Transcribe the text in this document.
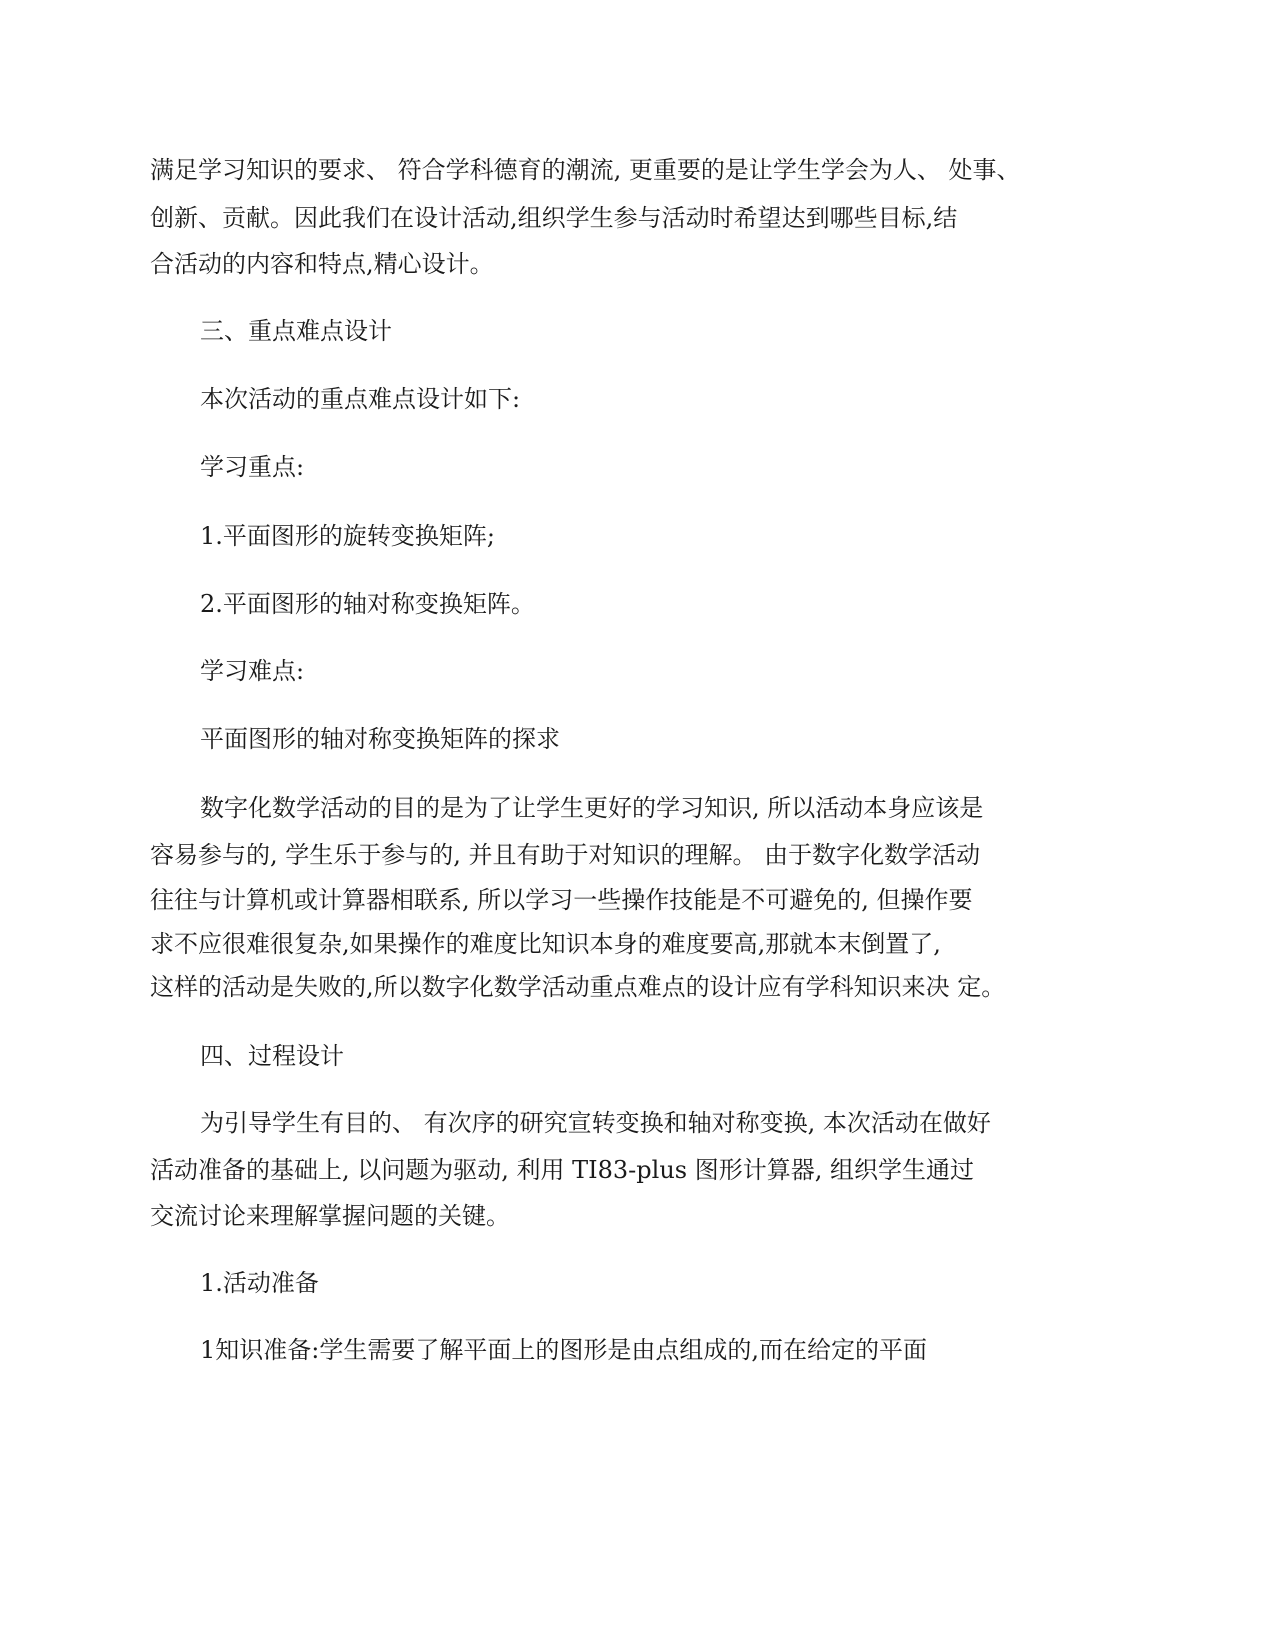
满足学习知识的要求、 符合学科德育的潮流, 更重要的是让学生学会为人、 处事、
创新、贡献。因此我们在设计活动,组织学生参与活动时希望达到哪些目标,结
合活动的内容和特点,精心设计。
三、重点难点设计
本次活动的重点难点设计如下:
学习重点:
1.平面图形的旋转变换矩阵;
2.平面图形的轴对称变换矩阵。
学习难点:
平面图形的轴对称变换矩阵的探求
数字化数学活动的目的是为了让学生更好的学习知识, 所以活动本身应该是
容易参与的, 学生乐于参与的, 并且有助于对知识的理解。 由于数字化数学活动
往往与计算机或计算器相联系, 所以学习一些操作技能是不可避免的, 但操作要
求不应很难很复杂,如果操作的难度比知识本身的难度要高,那就本末倒置了,
这样的活动是失败的,所以数字化数学活动重点难点的设计应有学科知识来决 定。
四、过程设计
为引导学生有目的、 有次序的研究宣转变换和轴对称变换, 本次活动在做好
活动准备的基础上, 以问题为驱动, 利用 TI83-plus 图形计算器, 组织学生通过
交流讨论来理解掌握问题的关键。
1.活动准备
1知识准备:学生需要了解平面上的图形是由点组成的,而在给定的平面
